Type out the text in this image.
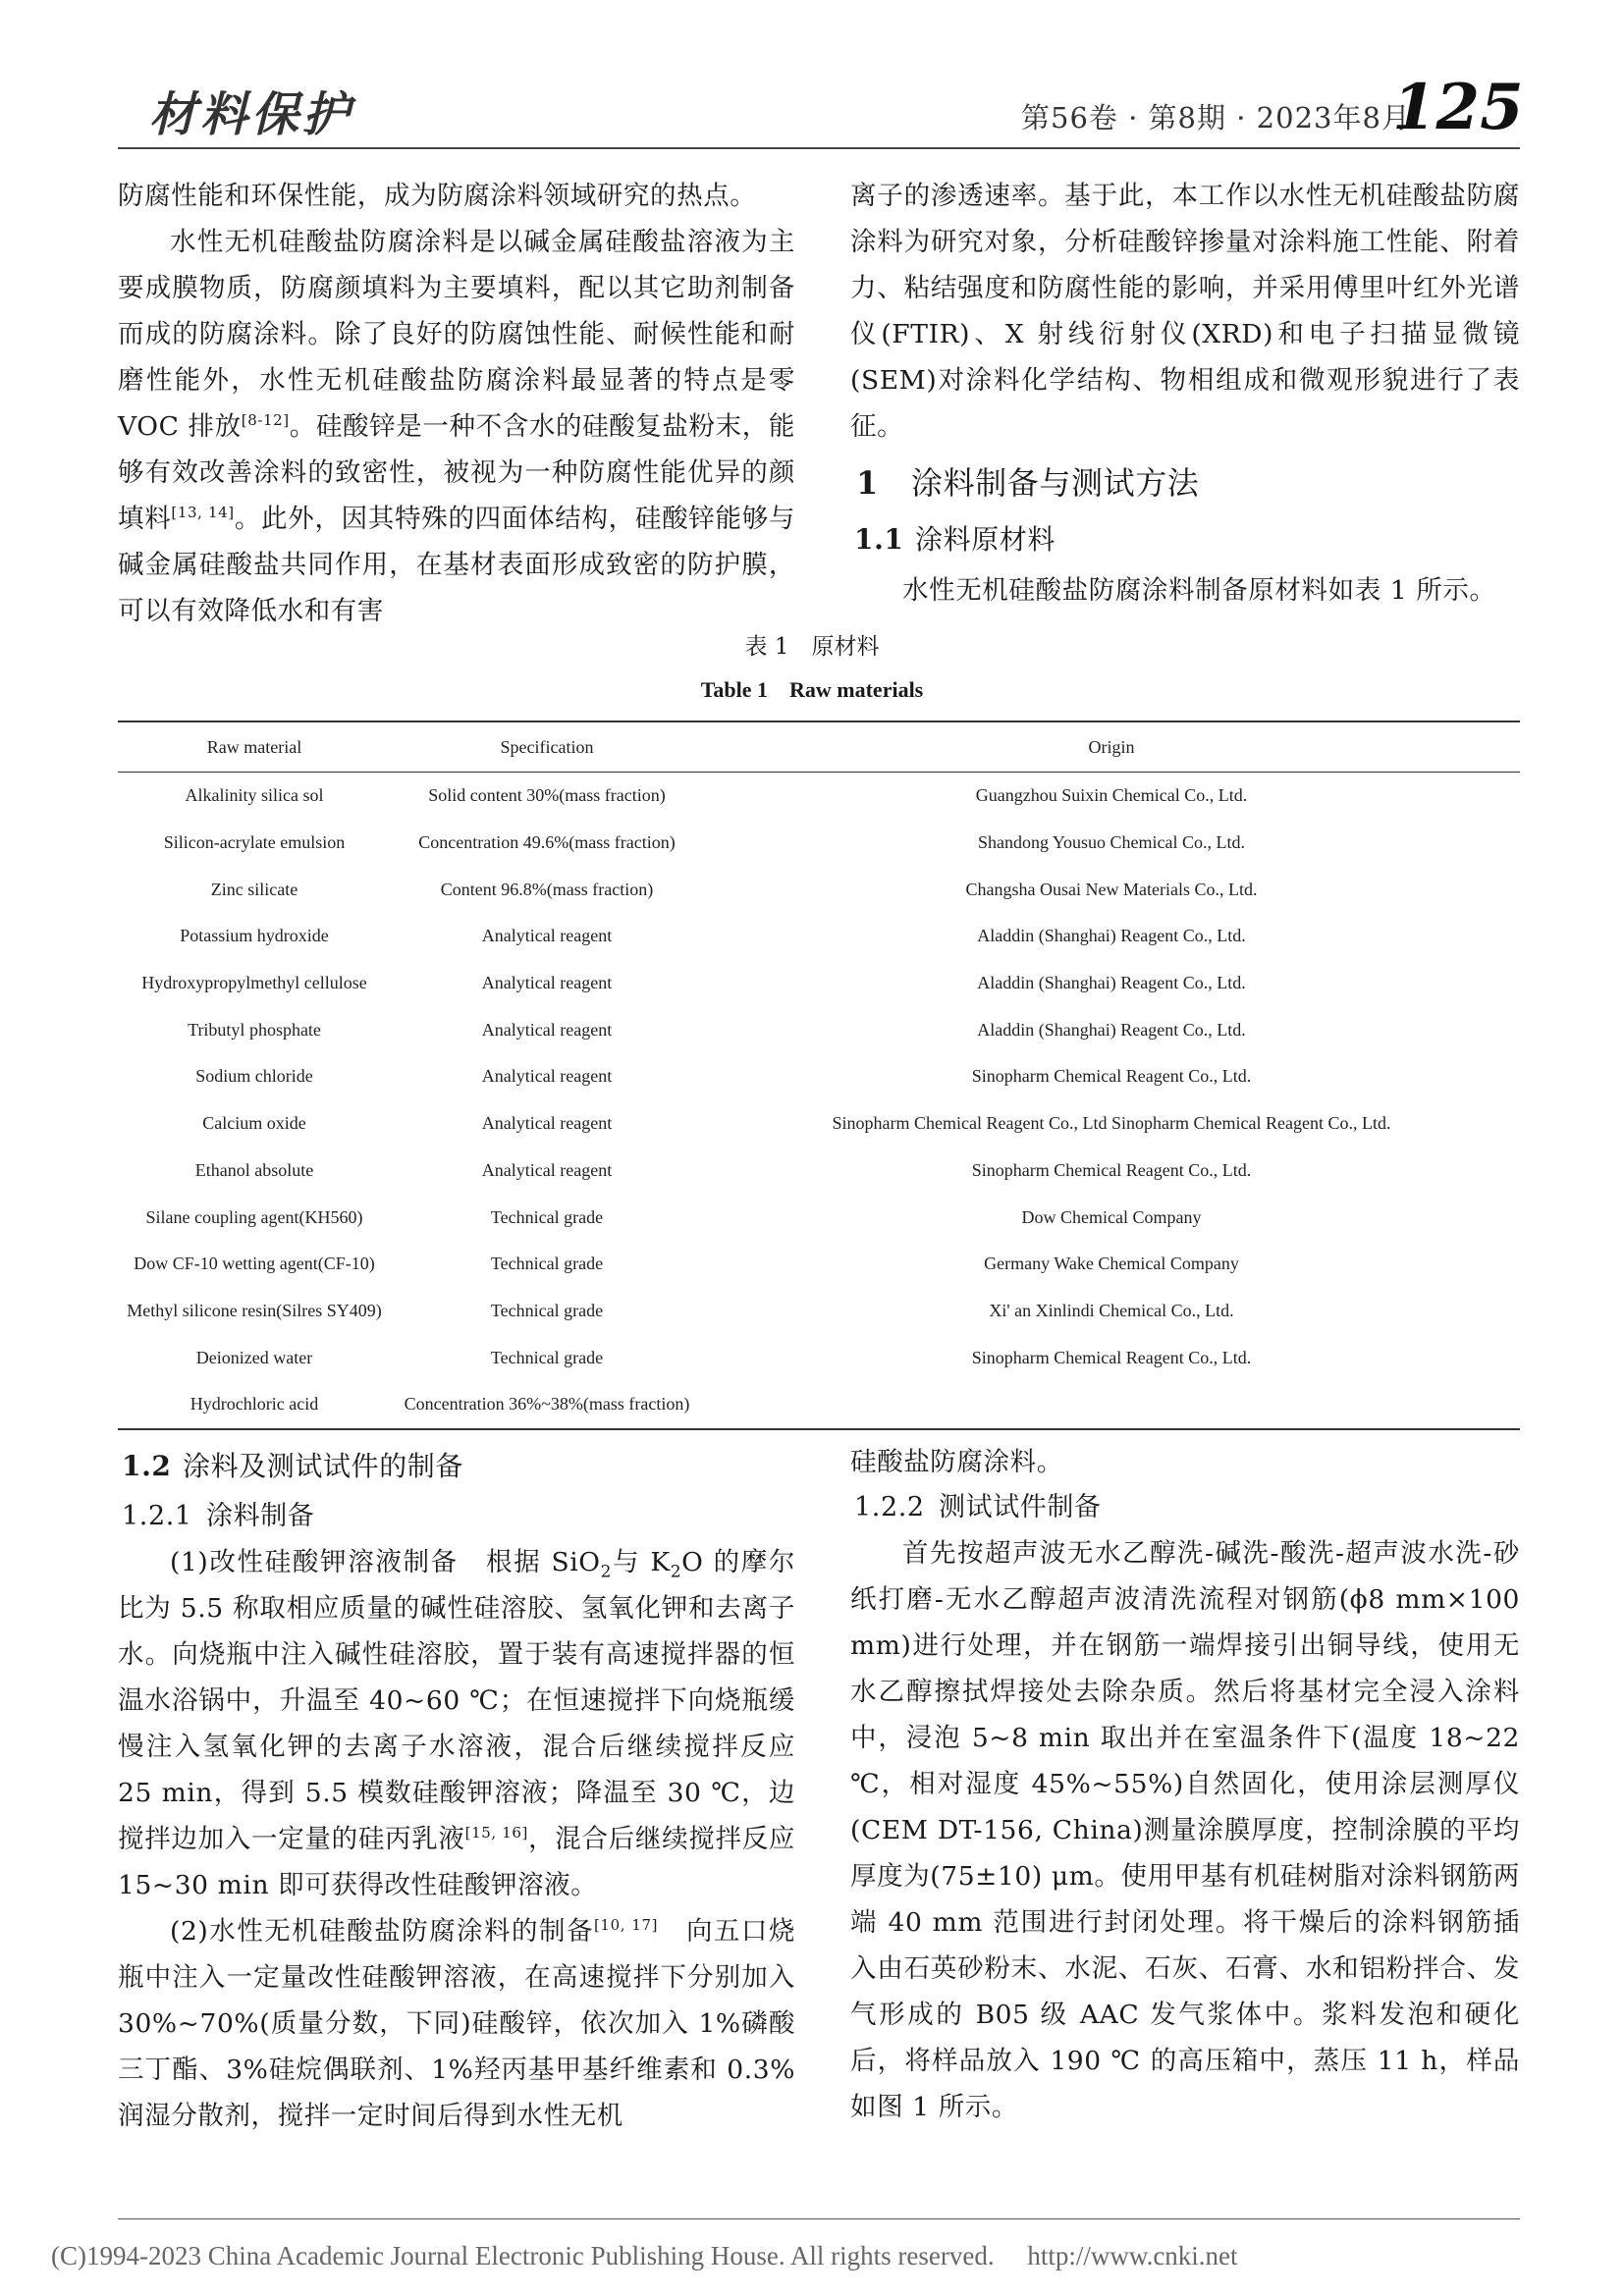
材料保护	第56卷 · 第8期 · 2023年8月
125

防腐性能和环保性能，成为防腐涂料领域研究的热点。

水性无机硅酸盐防腐涂料是以碱金属硅酸盐溶液为主要成膜物质，防腐颜填料为主要填料，配以其它助剂制备而成的防腐涂料。除了良好的防腐蚀性能、耐候性能和耐磨性能外，水性无机硅酸盐防腐涂料最显著的特点是零 VOC 排放[8-12]。硅酸锌是一种不含水的硅酸复盐粉末，能够有效改善涂料的致密性，被视为一种防腐性能优异的颜填料[13, 14]。此外，因其特殊的四面体结构，硅酸锌能够与碱金属硅酸盐共同作用，在基材表面形成致密的防护膜，可以有效降低水和有害

离子的渗透速率。基于此，本工作以水性无机硅酸盐防腐涂料为研究对象，分析硅酸锌掺量对涂料施工性能、附着力、粘结强度和防腐性能的影响，并采用傅里叶红外光谱仪(FTIR)、X 射线衍射仪(XRD)和电子扫描显微镜(SEM)对涂料化学结构、物相组成和微观形貌进行了表征。

1 涂料制备与测试方法
1.1 涂料原材料

水性无机硅酸盐防腐涂料制备原材料如表 1 所示。

表 1　原材料
Table 1　Raw materials
Raw material	Specification	Origin
Alkalinity silica sol	Solid content 30%(mass fraction)	Guangzhou Suixin Chemical Co., Ltd.
Silicon-acrylate emulsion	Concentration 49.6%(mass fraction)	Shandong Yousuo Chemical Co., Ltd.
Zinc silicate	Content 96.8%(mass fraction)	Changsha Ousai New Materials Co., Ltd.
Potassium hydroxide	Analytical reagent	Aladdin (Shanghai) Reagent Co., Ltd.
Hydroxypropylmethyl cellulose	Analytical reagent	Aladdin (Shanghai) Reagent Co., Ltd.
Tributyl phosphate	Analytical reagent	Aladdin (Shanghai) Reagent Co., Ltd.
Sodium chloride	Analytical reagent	Sinopharm Chemical Reagent Co., Ltd.
Calcium oxide	Analytical reagent	Sinopharm Chemical Reagent Co., Ltd Sinopharm Chemical Reagent Co., Ltd.
Ethanol absolute	Analytical reagent	Sinopharm Chemical Reagent Co., Ltd.
Silane coupling agent(KH560)	Technical grade	Dow Chemical Company
Dow CF-10 wetting agent(CF-10)	Technical grade	Germany Wake Chemical Company
Methyl silicone resin(Silres SY409)	Technical grade	Xi' an Xinlindi Chemical Co., Ltd.
Deionized water	Technical grade	Sinopharm Chemical Reagent Co., Ltd.
Hydrochloric acid	Concentration 36%~38%(mass fraction)	
1.2 涂料及测试试件的制备
1.2.1 涂料制备

(1)改性硅酸钾溶液制备　 根据 SiO$_2$与 $K_2O$ 的摩尔比为 5.5 称取相应质量的碱性硅溶胶、氢氧化钾和去离子水。向烧瓶中注入碱性硅溶胶，置于装有高速搅拌器的恒温水浴锅中，升温至 40~60 ℃；在恒速搅拌下向烧瓶缓慢注入氢氧化钾的去离子水溶液，混合后继续搅拌反应 25 min，得到 5.5 模数硅酸钾溶液；降温至 30 ℃，边搅拌边加入一定量的硅丙乳液[15, 16]，混合后继续搅拌反应 15~30 min 即可获得改性硅酸钾溶液。

(2)水性无机硅酸盐防腐涂料的制备[10, 17]　 向五口烧瓶中注入一定量改性硅酸钾溶液，在高速搅拌下分别加入 30%~70%(质量分数，下同)硅酸锌，依次加入 1%磷酸三丁酯、3%硅烷偶联剂、1%羟丙基甲基纤维素和 0.3%润湿分散剂，搅拌一定时间后得到水性无机

硅酸盐防腐涂料。

1.2.2 测试试件制备

首先按超声波无水乙醇洗-碱洗-酸洗-超声波水洗-砂纸打磨-无水乙醇超声波清洗流程对钢筋(ϕ8 mm×100 mm)进行处理，并在钢筋一端焊接引出铜导线，使用无水乙醇擦拭焊接处去除杂质。然后将基材完全浸入涂料中，浸泡 5~8 min 取出并在室温条件下(温度 18~22 ℃，相对湿度 45%~55%)自然固化，使用涂层测厚仪(CEM DT-156, China)测量涂膜厚度，控制涂膜的平均厚度为(75±10) μm。使用甲基有机硅树脂对涂料钢筋两端 40 mm 范围进行封闭处理。将干燥后的涂料钢筋插入由石英砂粉末、水泥、石灰、石膏、水和铝粉拌合、发气形成的 B05 级 AAC 发气浆体中。浆料发泡和硬化后，将样品放入 190 ℃ 的高压箱中，蒸压 11 h，样品如图 1 所示。

(C)1994-2023 China Academic Journal Electronic Publishing House. All rights reserved.　 http://www.cnki.net
